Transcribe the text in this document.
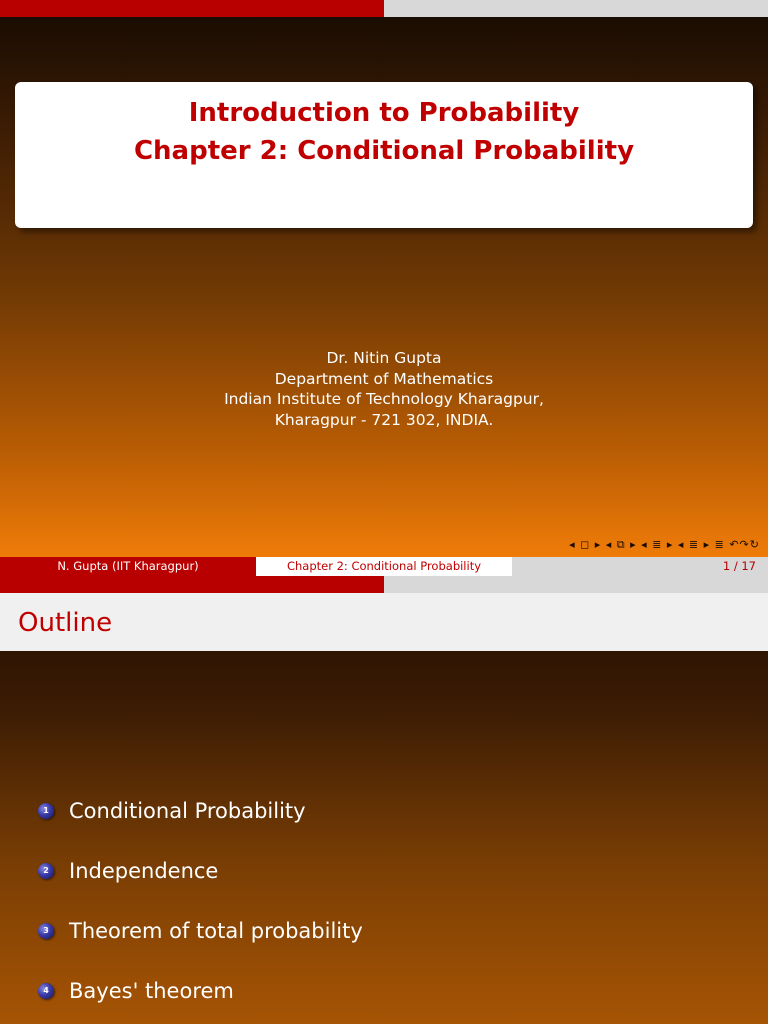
Introduction to Probability
Chapter 2: Conditional Probability
Dr. Nitin Gupta
Department of Mathematics
Indian Institute of Technology Kharagpur,
Kharagpur - 721 302, INDIA.
◂ ◻ ▸ ◂ ⧉ ▸ ◂ ≣ ▸ ◂ ≣ ▸ ≣ ↶↷↻
N. Gupta (IIT Kharagpur)	Chapter 2: Conditional Probability	1 / 17
Outline
1 Conditional Probability
2 Independence
3 Theorem of total probability
4 Bayes' theorem
